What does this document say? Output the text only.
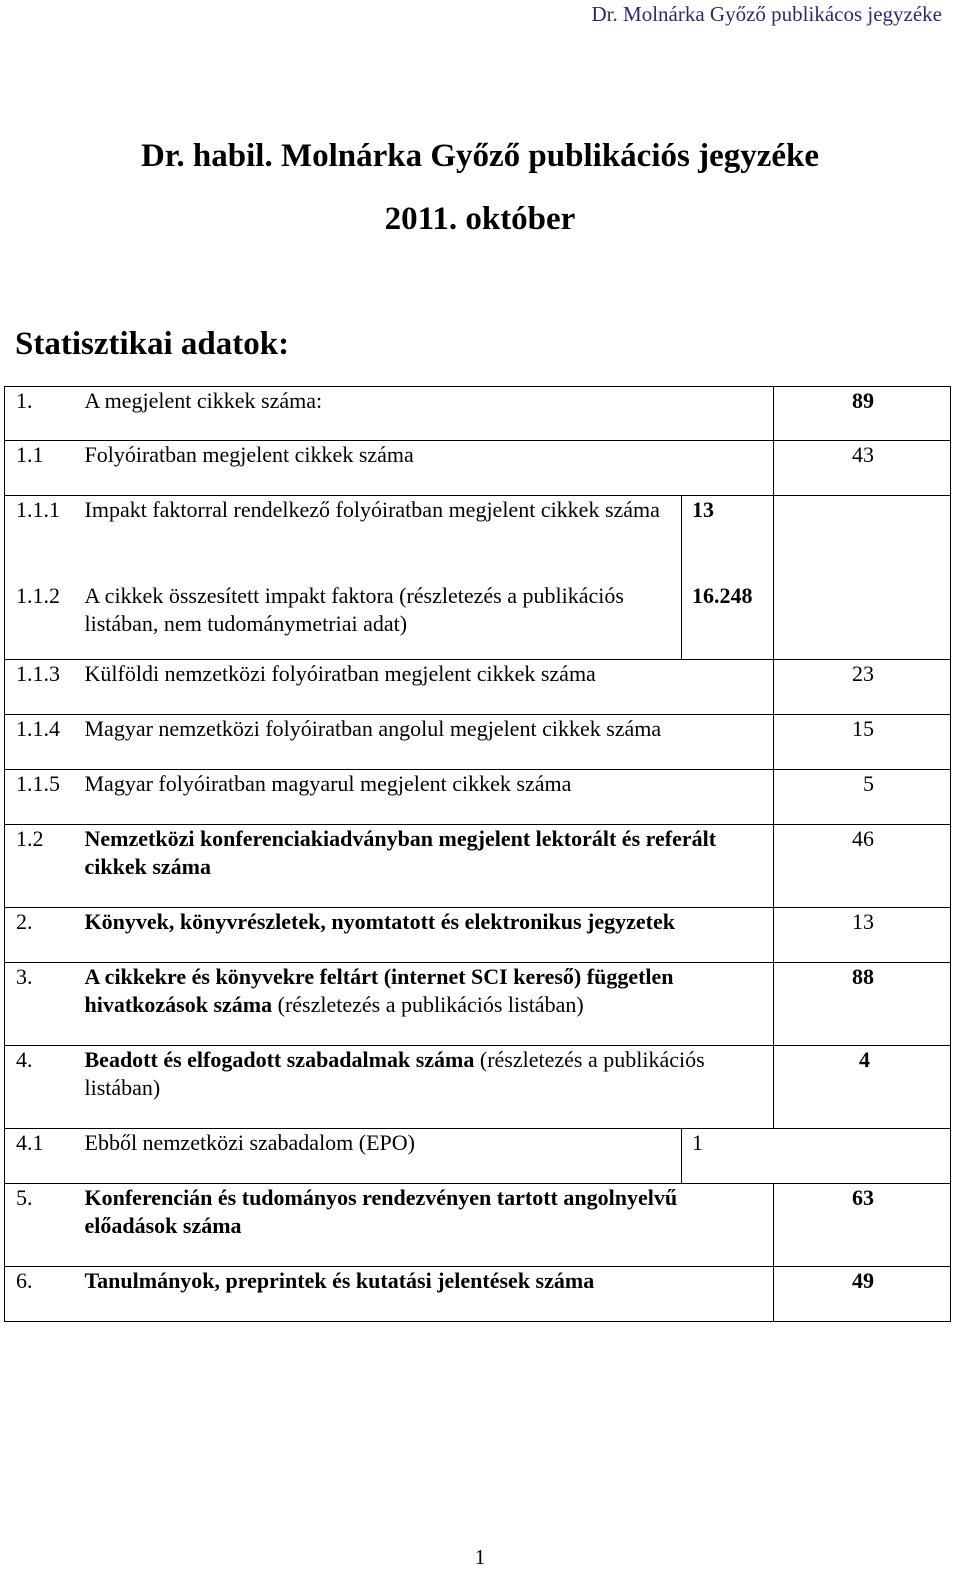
Dr. Molnárka Győző publikácos jegyzéke
Dr. habil. Molnárka Győző publikációs jegyzéke
2011. október
Statisztikai adatok:
1.	A megjelent cikkek száma:		89
1.1	Folyóiratban megjelent cikkek száma		43
1.1.1	Impakt faktorral rendelkező folyóiratban megjelent cikkek száma	13	
1.1.2	A cikkek összesített impakt faktora (részletezés a publikációs listában, nem tudománymetriai adat)	16.248	
1.1.3	Külföldi nemzetközi folyóiratban megjelent cikkek száma		23
1.1.4	Magyar nemzetközi folyóiratban angolul megjelent cikkek száma		15
1.1.5	Magyar folyóiratban magyarul megjelent cikkek száma		5
1.2	Nemzetközi konferenciakiadványban megjelent lektorált és referált cikkek száma		46
2.	Könyvek, könyvrészletek, nyomtatott és elektronikus jegyzetek		13
3.	A cikkekre és könyvekre feltárt (internet SCI kereső) független hivatkozások száma (részletezés a publikációs listában)		88
4.	Beadott és elfogadott szabadalmak száma (részletezés a publikációs listában)		4
4.1	Ebből nemzetközi szabadalom (EPO)	1	
5.	Konferencián és tudományos rendezvényen tartott angolnyelvű előadások száma		63
6.	Tanulmányok, preprintek és kutatási jelentések száma		49
1
